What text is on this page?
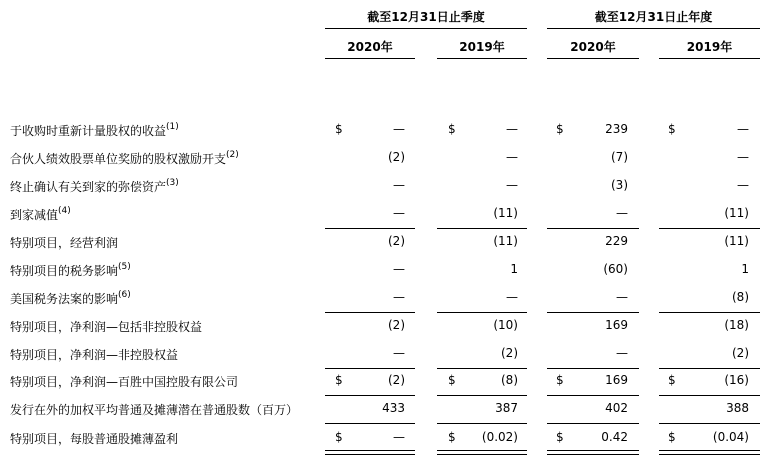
截至12月31日止季度	截至12月31日止年度
2020年	2019年	2020年	2019年
于收购时重新计量股权的收益$^{(1)}$	$	—	$	—	$	239	$	—
合伙人绩效股票单位奖励的股权激励开支$^{(2)}$	(2)	—	(7)	—
终止确认有关到家的弥偿资产$^{(3)}$	—	—	(3)	—
到家减值$^{(4)}$	—	(11)	—	(11)
特别项目，经营利润	(2)	(11)	229	(11)
特别项目的税务影响$^{(5)}$	—	1	(60)	1
美国税务法案的影响$^{(6)}$	—	—	—	(8)
特别项目，净利润—包括非控股权益	(2)	(10)	169	(18)
特别项目，净利润—非控股权益	—	(2)	—	(2)
特别项目，净利润—百胜中国控股有限公司	$	(2)	$	(8)	$	169	$	(16)
发行在外的加权平均普通及摊薄潜在普通股数（百万）	433	387	402	388
特别项目，每股普通股摊薄盈利	$	—	$	(0.02)	$	0.42	$	(0.04)
